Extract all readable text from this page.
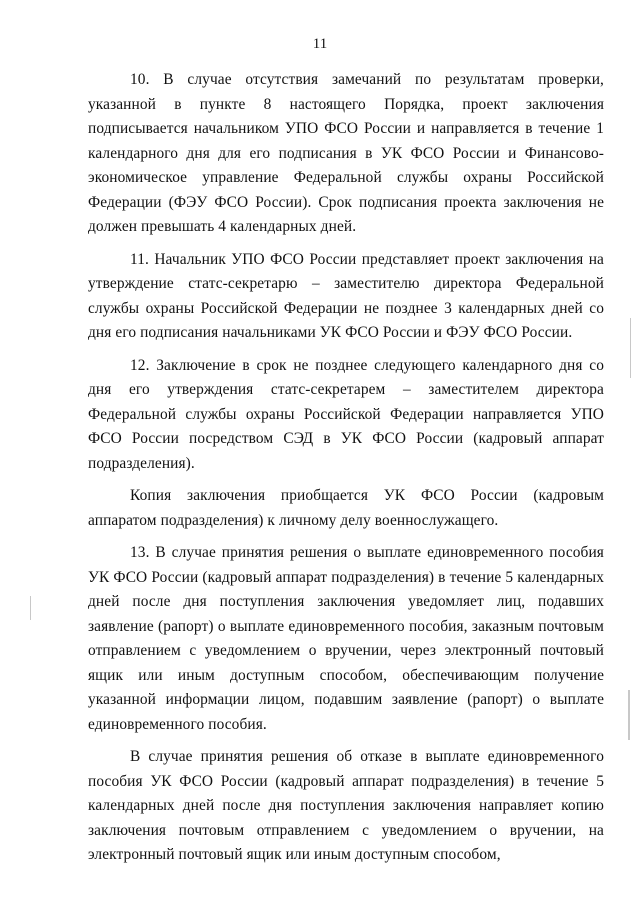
11

10. В случае отсутствия замечаний по результатам проверки, указанной в пункте 8 настоящего Порядка, проект заключения подписывается начальником УПО ФСО России и направляется в течение 1 календарного дня для его подписания в УК ФСО России и Финансово-экономическое управление Федеральной службы охраны Российской Федерации (ФЭУ ФСО России). Срок подписания проекта заключения не должен превышать 4 календарных дней.

11. Начальник УПО ФСО России представляет проект заключения на утверждение статс-секретарю – заместителю директора Федеральной службы охраны Российской Федерации не позднее 3 календарных дней со дня его подписания начальниками УК ФСО России и ФЭУ ФСО России.

12. Заключение в срок не позднее следующего календарного дня со дня его утверждения статс-секретарем – заместителем директора Федеральной службы охраны Российской Федерации направляется УПО ФСО России посредством СЭД в УК ФСО России (кадровый аппарат подразделения).

Копия заключения приобщается УК ФСО России (кадровым аппаратом подразделения) к личному делу военнослужащего.

13. В случае принятия решения о выплате единовременного пособия УК ФСО России (кадровый аппарат подразделения) в течение 5 календарных дней после дня поступления заключения уведомляет лиц, подавших заявление (рапорт) о выплате единовременного пособия, заказным почтовым отправлением с уведомлением о вручении, через электронный почтовый ящик или иным доступным способом, обеспечивающим получение указанной информации лицом, подавшим заявление (рапорт) о выплате единовременного пособия.

В случае принятия решения об отказе в выплате единовременного пособия УК ФСО России (кадровый аппарат подразделения) в течение 5 календарных дней после дня поступления заключения направляет копию заключения почтовым отправлением с уведомлением о вручении, на электронный почтовый ящик или иным доступным способом,
